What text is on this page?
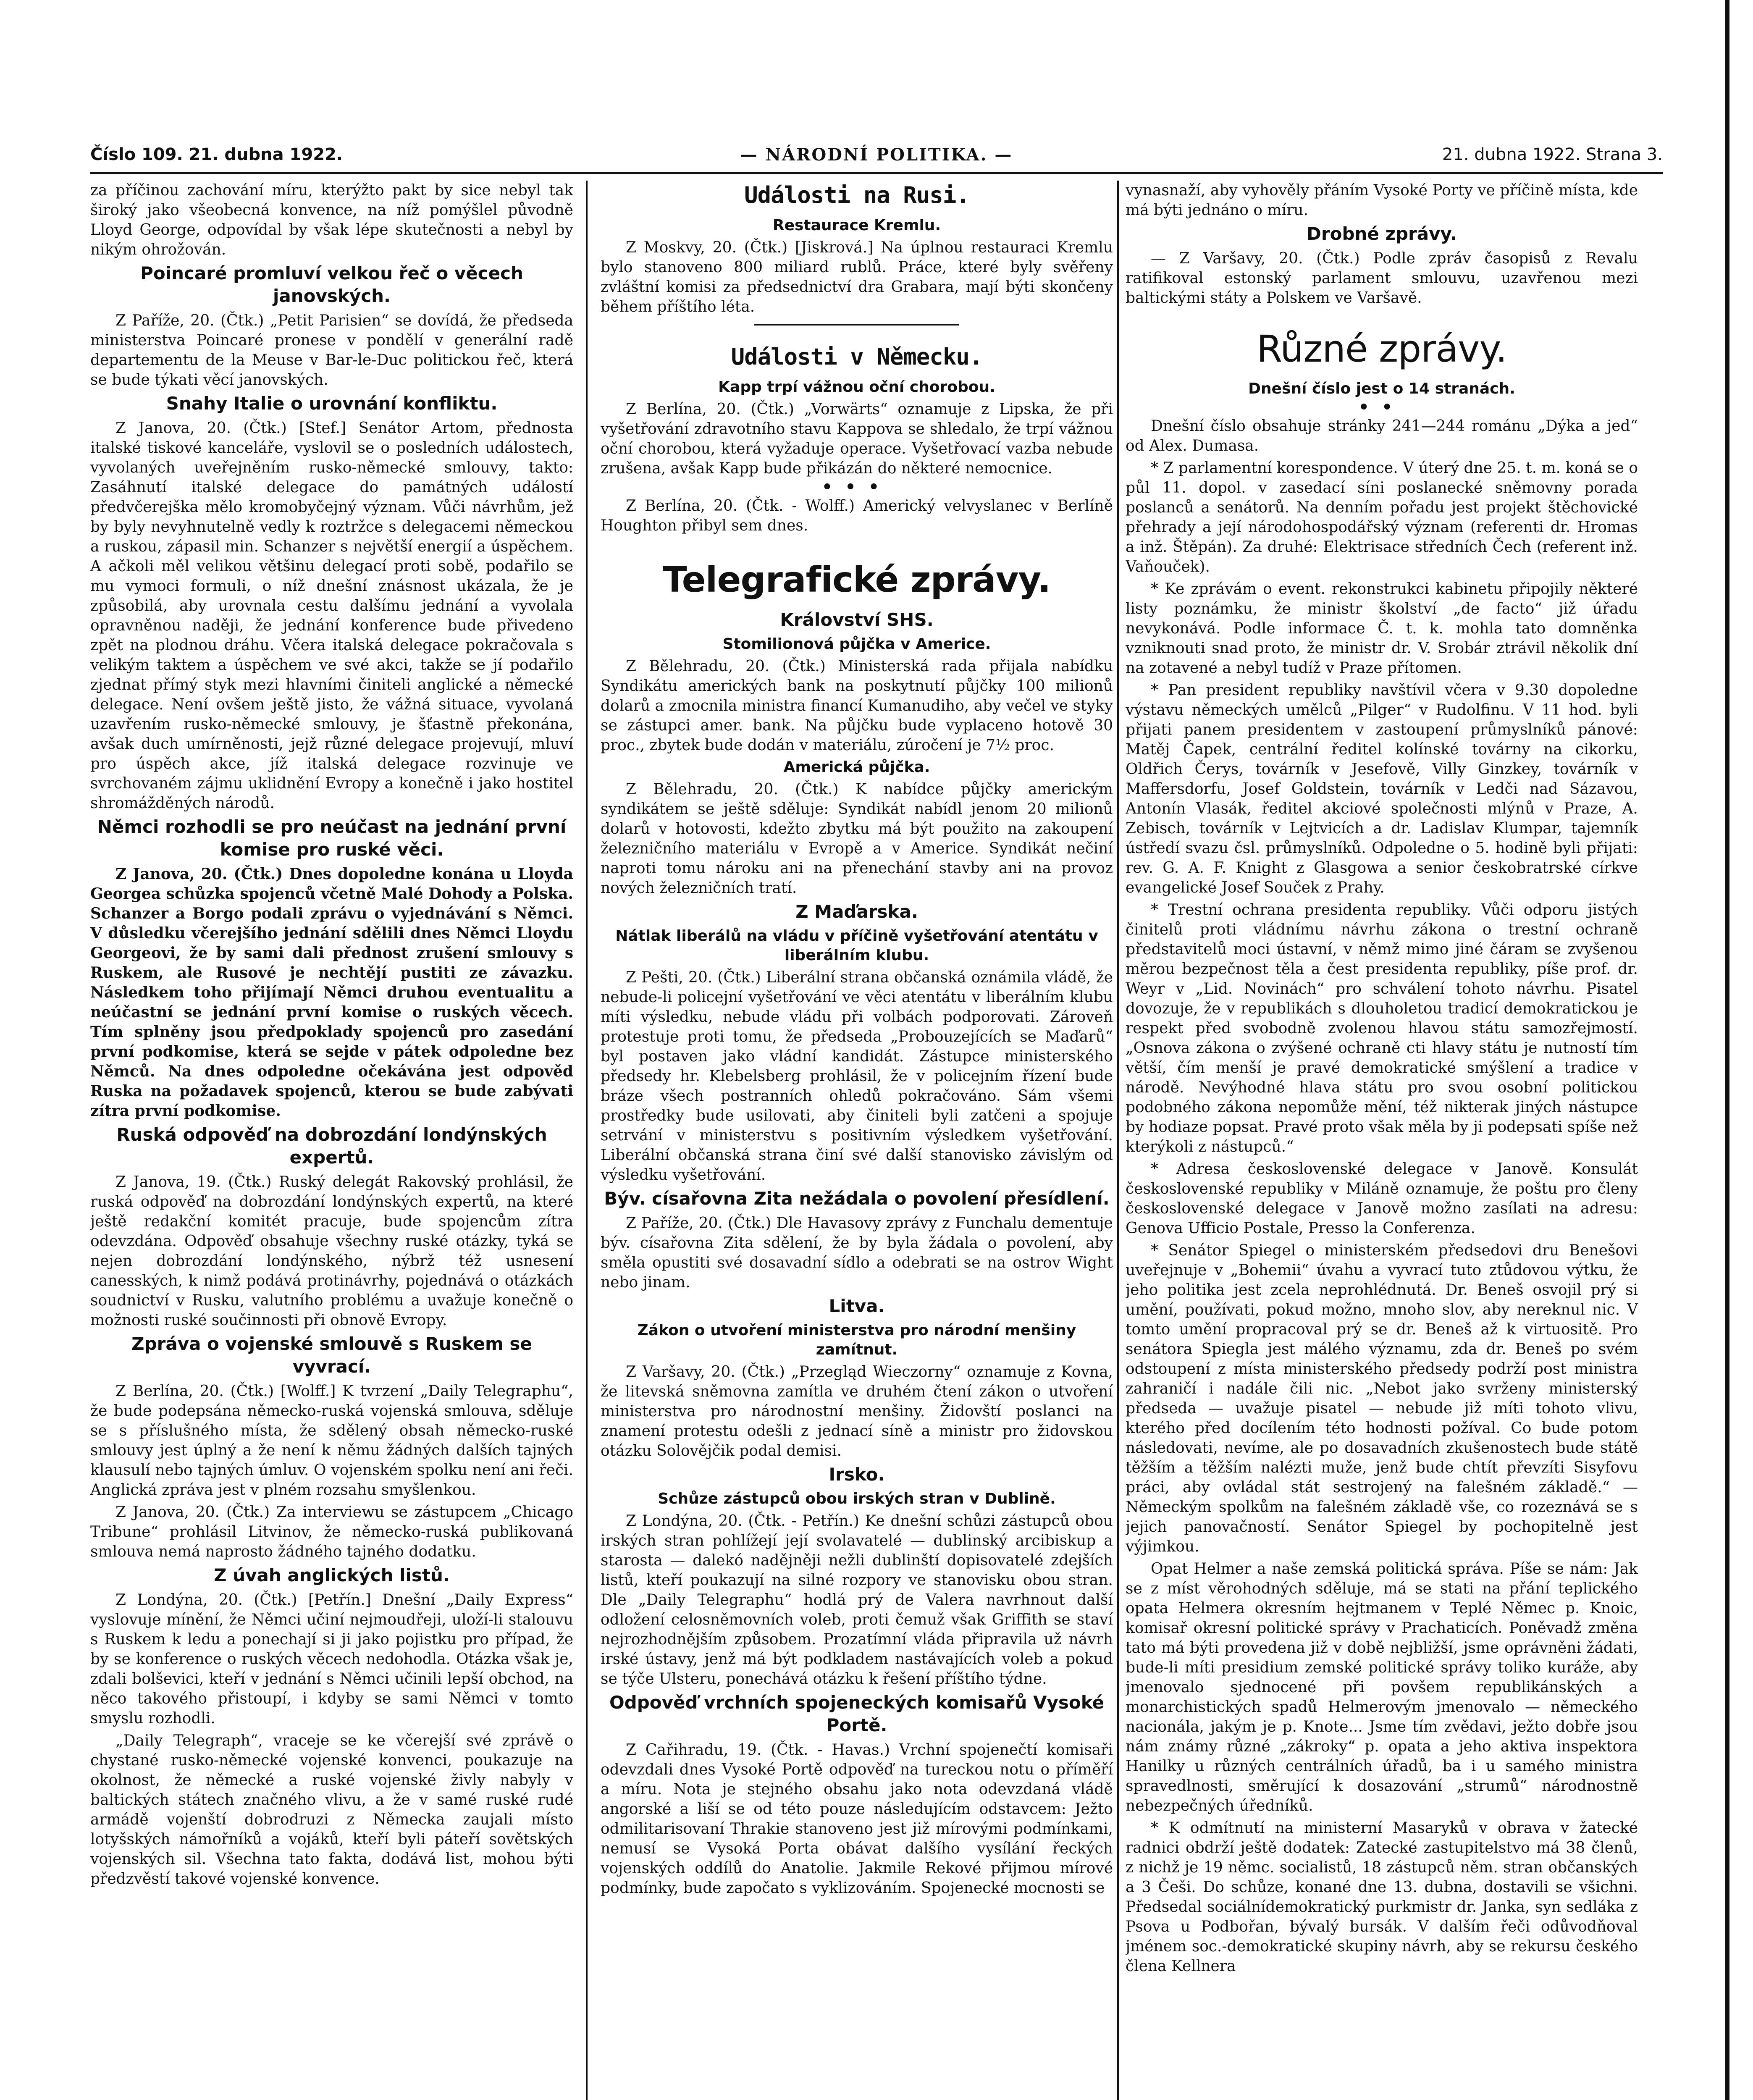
Číslo 109. 21. dubna 1922.	— NÁRODNÍ POLITIKA. —	21. dubna 1922. Strana 3.

za příčinou zachování míru, kterýžto pakt by sice nebyl tak široký jako všeobecná konvence, na níž pomýšlel původně Lloyd George, odpovídal by však lépe skutečnosti a nebyl by nikým ohrožován.

Poincaré promluví velkou řeč o věcech janovských.

Z Paříže, 20. (Čtk.) „Petit Parisien“ se dovídá, že předseda ministerstva Poincaré pronese v pondělí v generální radě departementu de la Meuse v Bar-le-Duc politickou řeč, která se bude týkati věcí janovských.

Snahy Italie o urovnání konfliktu.

Z Janova, 20. (Čtk.) [Stef.] Senátor Artom, přednosta italské tiskové kanceláře, vyslovil se o posledních událostech, vyvolaných uveřejněním rusko-německé smlouvy, takto: Zasáhnutí italské delegace do památných událostí předvčerejška mělo kromobyčejný význam. Vůči návrhům, jež by byly nevyhnutelně vedly k roztržce s delegacemi německou a ruskou, zápasil min. Schanzer s největší energií a úspěchem. A ačkoli měl velikou většinu delegací proti sobě, podařilo se mu vymoci formuli, o níž dnešní znásnost ukázala, že je způsobilá, aby urovnala cestu dalšímu jednání a vyvolala opravněnou naději, že jednání konference bude přivedeno zpět na plodnou dráhu. Včera italská delegace pokračovala s velikým taktem a úspěchem ve své akci, takže se jí podařilo zjednat přímý styk mezi hlavními činiteli anglické a německé delegace. Není ovšem ještě jisto, že vážná situace, vyvolaná uzavřením rusko-německé smlouvy, je šťastně překonána, avšak duch umírněnosti, jejž různé delegace projevují, mluví pro úspěch akce, jíž italská delegace rozvinuje ve svrchovaném zájmu uklidnění Evropy a konečně i jako hostitel shromážděných národů.

Němci rozhodli se pro neúčast na jednání první komise pro ruské věci.

Z Janova, 20. (Čtk.) Dnes dopoledne konána u Lloyda Georgea schůzka spojenců včetně Malé Dohody a Polska. Schanzer a Borgo podali zprávu o vyjednávání s Němci. V důsledku včerejšího jednání sdělili dnes Němci Lloydu Georgeovi, že by sami dali přednost zrušení smlouvy s Ruskem, ale Rusové je nechtějí pustiti ze závazku. Následkem toho přijímají Němci druhou eventualitu a neúčastní se jednání první komise o ruských věcech. Tím splněny jsou předpoklady spojenců pro zasedání první podkomise, která se sejde v pátek odpoledne bez Němců. Na dnes odpoledne očekávána jest odpověď Ruska na požadavek spojenců, kterou se bude zabývati zítra první podkomise.

Ruská odpověď na dobrozdání londýnských expertů.

Z Janova, 19. (Čtk.) Ruský delegát Rakovský prohlásil, že ruská odpověď na dobrozdání londýnských expertů, na které ještě redakční komitét pracuje, bude spojencům zítra odevzdána. Odpověď obsahuje všechny ruské otázky, tyká se nejen dobrozdání londýnského, nýbrž též usnesení canesských, k nimž podává protinávrhy, pojednává o otázkách soudnictví v Rusku, valutního problému a uvažuje konečně o možnosti ruské součinnosti při obnově Evropy.

Zpráva o vojenské smlouvě s Ruskem se vyvrací.

Z Berlína, 20. (Čtk.) [Wolff.] K tvrzení „Daily Telegraphu“, že bude podepsána německo-ruská vojenská smlouva, sděluje se s příslušného místa, že sdělený obsah německo-ruské smlouvy jest úplný a že není k němu žádných dalších tajných klausulí nebo tajných úmluv. O vojenském spolku není ani řeči. Anglická zpráva jest v plném rozsahu smyšlenkou.

Z Janova, 20. (Čtk.) Za interviewu se zástupcem „Chicago Tribune“ prohlásil Litvinov, že německo-ruská publikovaná smlouva nemá naprosto žádného tajného dodatku.

Z úvah anglických listů.

Z Londýna, 20. (Čtk.) [Petřín.] Dnešní „Daily Express“ vyslovuje mínění, že Němci učiní nejmoudřeji, uloží-li stalouvu s Ruskem k ledu a ponechají si ji jako pojistku pro případ, že by se konference o ruských věcech nedohodla. Otázka však je, zdali bolševici, kteří v jednání s Němci učinili lepší obchod, na něco takového přistoupí, i kdyby se sami Němci v tomto smyslu rozhodli.

„Daily Telegraph“, vraceje se ke včerejší své zprávě o chystané rusko-německé vojenské konvenci, poukazuje na okolnost, že německé a ruské vojenské živly nabyly v baltických státech značného vlivu, a že v samé ruské rudé armádě vojenští dobrodruzi z Německa zaujali místo lotyšských námořníků a vojáků, kteří byli páteří sovětských vojenských sil. Všechna tato fakta, dodává list, mohou býti předzvěstí takové vojenské konvence.

Události na Rusi.
Restaurace Kremlu.

Z Moskvy, 20. (Čtk.) [Jiskrová.] Na úplnou restauraci Kremlu bylo stanoveno 800 miliard rublů. Práce, které byly svěřeny zvláštní komisi za předsednictví dra Grabara, mají býti skončeny během příštího léta.

Události v Německu.
Kapp trpí vážnou oční chorobou.

Z Berlína, 20. (Čtk.) „Vorwärts“ oznamuje z Lipska, že při vyšetřování zdravotního stavu Kappova se shledalo, že trpí vážnou oční chorobou, která vyžaduje operace. Vyšetřovací vazba nebude zrušena, avšak Kapp bude přikázán do některé nemocnice.

•••

Z Berlína, 20. (Čtk. - Wolff.) Americký velvyslanec v Berlíně Houghton přibyl sem dnes.

Telegrafické zprávy.
Království SHS.
Stomilionová půjčka v Americe.

Z Bělehradu, 20. (Čtk.) Ministerská rada přijala nabídku Syndikátu amerických bank na poskytnutí půjčky 100 milionů dolarů a zmocnila ministra financí Kumanudiho, aby večel ve styky se zástupci amer. bank. Na půjčku bude vyplaceno hotově 30 proc., zbytek bude dodán v materiálu, zúročení je 7½ proc.

Americká půjčka.

Z Bělehradu, 20. (Čtk.) K nabídce půjčky americkým syndikátem se ještě sděluje: Syndikát nabídl jenom 20 milionů dolarů v hotovosti, kdežto zbytku má být použito na zakoupení železničního materiálu v Evropě a v Americe. Syndikát nečiní naproti tomu nároku ani na přenechání stavby ani na provoz nových železničních tratí.

Z Maďarska.
Nátlak liberálů na vládu v příčině vyšetřování atentátu v liberálním klubu.

Z Pešti, 20. (Čtk.) Liberální strana občanská oznámila vládě, že nebude-li policejní vyšetřování ve věci atentátu v liberálním klubu míti výsledku, nebude vládu při volbách podporovati. Zároveň protestuje proti tomu, že předseda „Probouzejících se Maďarů“ byl postaven jako vládní kandidát. Zástupce ministerského předsedy hr. Klebelsberg prohlásil, že v policejním řízení bude bráze všech postranních ohledů pokračováno. Sám všemi prostředky bude usilovati, aby činiteli byli zatčeni a spojuje setrvání v ministerstvu s positivním výsledkem vyšetřování. Liberální občanská strana činí své další stanovisko závislým od výsledku vyšetřování.

Býv. císařovna Zita nežádala o povolení přesídlení.

Z Paříže, 20. (Čtk.) Dle Havasovy zprávy z Funchalu dementuje býv. císařovna Zita sdělení, že by byla žádala o povolení, aby směla opustiti své dosavadní sídlo a odebrati se na ostrov Wight nebo jinam.

Litva.
Zákon o utvoření ministerstva pro národní menšiny zamítnut.

Z Varšavy, 20. (Čtk.) „Przegląd Wieczorny“ oznamuje z Kovna, že litevská sněmovna zamítla ve druhém čtení zákon o utvoření ministerstva pro národnostní menšiny. Židovští poslanci na znamení protestu odešli z jednací síně a ministr pro židovskou otázku Solovějčik podal demisi.

Irsko.
Schůze zástupců obou irských stran v Dublině.

Z Londýna, 20. (Čtk. - Petřín.) Ke dnešní schůzi zástupců obou irských stran pohlížejí její svolavatelé — dublinský arcibiskup a starosta — dalekó nadějněji nežli dublinští dopisovatelé zdejších listů, kteří poukazují na silné rozpory ve stanovisku obou stran. Dle „Daily Telegraphu“ hodlá prý de Valera navrhnout další odložení celosněmovních voleb, proti čemuž však Griffith se staví nejrozhodnějším způsobem. Prozatímní vláda připravila už návrh irské ústavy, jenž má být podkladem nastávajících voleb a pokud se týče Ulsteru, ponechává otázku k řešení příštího týdne.

Odpověď vrchních spojeneckých komisařů Vysoké Portě.

Z Cařihradu, 19. (Čtk. - Havas.) Vrchní spojenečtí komisaři odevzdali dnes Vysoké Portě odpověď na tureckou notu o příměří a míru. Nota je stejného obsahu jako nota odevzdaná vládě angorské a liší se od této pouze následujícím odstavcem: Ježto odmilitarisovaní Thrakie stanoveno jest již mírovými podmínkami, nemusí se Vysoká Porta obávat dalšího vysílání řeckých vojenských oddílů do Anatolie. Jakmile Rekové přijmou mírové podmínky, bude započato s vyklizováním. Spojenecké mocnosti se

vynasnaží, aby vyhověly přáním Vysoké Porty ve příčině místa, kde má býti jednáno o míru.

Drobné zprávy.

— Z Varšavy, 20. (Čtk.) Podle zpráv časopisů z Revalu ratifikoval estonský parlament smlouvu, uzavřenou mezi baltickými státy a Polskem ve Varšavě.

Různé zprávy.
Dnešní číslo jest o 14 stranách.
••

Dnešní číslo obsahuje stránky 241—244 románu „Dýka a jed“ od Alex. Dumasa.

* Z parlamentní korespondence. V úterý dne 25. t. m. koná se o půl 11. dopol. v zasedací síni poslanecké sněmovny porada poslanců a senátorů. Na denním pořadu jest projekt štěchovické přehrady a její národohospodářský význam (referenti dr. Hromas a inž. Štěpán). Za druhé: Elektrisace středních Čech (referent inž. Vaňouček).

* Ke zprávám o event. rekonstrukci kabinetu připojily některé listy poznámku, že ministr školství „de facto“ již úřadu nevykonává. Podle informace Č. t. k. mohla tato domněnka vzniknouti snad proto, že ministr dr. V. Srobár ztrávil několik dní na zotavené a nebyl tudíž v Praze přítomen.

* Pan president republiky navštívil včera v 9.30 dopoledne výstavu německých umělců „Pilger“ v Rudolfinu. V 11 hod. byli přijati panem presidentem v zastoupení průmyslníků pánové: Matěj Čapek, centrální ředitel kolínské továrny na cikorku, Oldřich Čerys, továrník v Jesefově, Villy Ginzkey, továrník v Maffersdorfu, Josef Goldstein, továrník v Ledči nad Sázavou, Antonín Vlasák, ředitel akciové společnosti mlýnů v Praze, A. Zebisch, továrník v Lejtvicích a dr. Ladislav Klumpar, tajemník ústředí svazu čsl. průmyslníků. Odpoledne o 5. hodině byli přijati: rev. G. A. F. Knight z Glasgowa a senior českobratrské církve evangelické Josef Souček z Prahy.

* Trestní ochrana presidenta republiky. Vůči odporu jistých činitelů proti vládnímu návrhu zákona o trestní ochraně představitelů moci ústavní, v němž mimo jiné čáram se zvyšenou měrou bezpečnost těla a čest presidenta republiky, píše prof. dr. Weyr v „Lid. Novinách“ pro schválení tohoto návrhu. Pisatel dovozuje, že v republikách s dlouholetou tradicí demokratickou je respekt před svobodně zvolenou hlavou státu samozřejmostí. „Osnova zákona o zvýšené ochraně cti hlavy státu je nutností tím větší, čím menší je pravé demokratické smýšlení a tradice v národě. Nevýhodné hlava státu pro svou osobní politickou podobného zákona nepomůže mění, též nikterak jiných nástupce by hodiaze popsat. Pravé proto však měla by ji podepsati spíše než kterýkoli z nástupců.“

* Adresa československé delegace v Janově. Konsulát československé republiky v Miláně oznamuje, že poštu pro členy československé delegace v Janově možno zasílati na adresu: Genova Ufficio Postale, Presso la Conferenza.

* Senátor Spiegel o ministerském předsedovi dru Benešovi uveřejnuje v „Bohemii“ úvahu a vyvrací tuto ztůdovou výtku, že jeho politika jest zcela neprohlédnutá. Dr. Beneš osvojil prý si umění, používati, pokud možno, mnoho slov, aby nereknul nic. V tomto umění propracoval prý se dr. Beneš až k virtuositě. Pro senátora Spiegla jest málého významu, zda dr. Beneš po svém odstoupení z místa ministerského předsedy podrží post ministra zahraničí i nadále čili nic. „Nebot jako svrženy ministerský předseda — uvažuje pisatel — nebude již míti tohoto vlivu, kterého před docílením této hodnosti požíval. Co bude potom následovati, nevíme, ale po dosavadních zkušenostech bude státě těžším a těžším nalézti muže, jenž bude chtít převzíti Sisyfovu práci, aby ovládal stát sestrojený na falešném základě.“ — Německým spolkům na falešném základě vše, co rozeznává se s jejich panovačností. Senátor Spiegel by pochopitelně jest výjimkou.

Opat Helmer a naše zemská politická správa. Píše se nám: Jak se z míst věrohodných sděluje, má se stati na přání teplického opata Helmera okresním hejtmanem v Teplé Němec p. Knoic, komisař okresní politické správy v Prachaticích. Poněvadž změna tato má býti provedena již v době nejbližší, jsme oprávněni žádati, bude-li míti presidium zemské politické správy toliko kuráže, aby jmenovalo sjednocené při povšem republikánských a monarchistických spadů Helmerovým jmenovalo — německého nacionála, jakým je p. Knote... Jsme tím zvědavi, ježto dobře jsou nám známy různé „zákroky“ p. opata a jeho aktiva inspektora Hanilky u různých centrálních úřadů, ba i u samého ministra spravedlnosti, směrující k dosazování „strumů“ národnostně nebezpečných úředníků.

* K odmítnutí na ministerní Masaryků v obrava v žatecké radnici obdrží ještě dodatek: Zatecké zastupitelstvo má 38 členů, z nichž je 19 němc. socialistů, 18 zástupců něm. stran občanských a 3 Češi. Do schůze, konané dne 13. dubna, dostavili se všichni. Předsedal sociálnídemokratický purkmistr dr. Janka, syn sedláka z Psova u Podbořan, bývalý bursák. V dalším řeči odůvodňoval jménem soc.-demokratické skupiny návrh, aby se rekursu českého člena Kellnera
